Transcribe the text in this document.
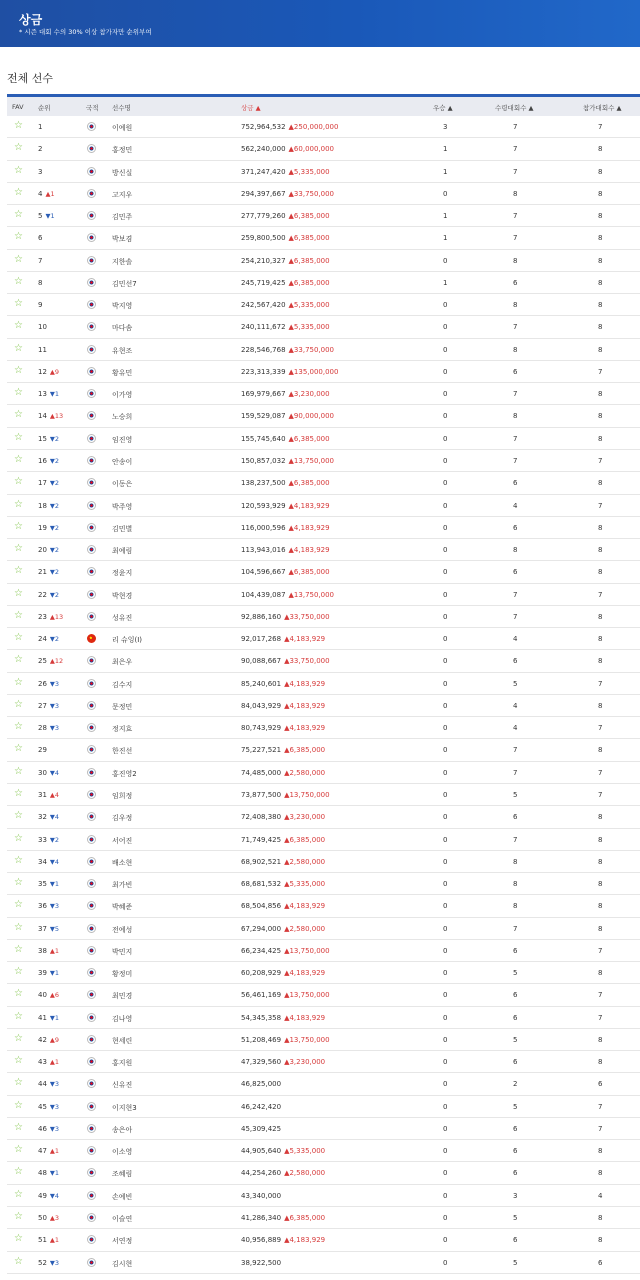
상금
* 시즌 대회 수의 30% 이상 참가자만 순위부여
전체 선수
FAV 순위	국적 선수명	상금 ▲	우승 ▲	수령대회수 ▲	참가대회수 ▲
☆ 1	이예원	752,964,532 ▲250,000,000	3	7	7
☆ 2	홍정민	562,240,000 ▲60,000,000	1	7	8
☆ 3	방신실	371,247,420 ▲5,335,000	1	7	8
☆ 4 ▲1	고지우	294,397,667 ▲33,750,000	0	8	8
☆ 5 ▼1	김민주	277,779,260 ▲6,385,000	1	7	8
☆ 6	박보겸	259,800,500 ▲6,385,000	1	7	8
☆ 7	지한솔	254,210,327 ▲6,385,000	0	8	8
☆ 8	김민선7	245,719,425 ▲6,385,000	1	6	8
☆ 9	박지영	242,567,420 ▲5,335,000	0	8	8
☆ 10	마다솜	240,111,672 ▲5,335,000	0	7	8
☆ 11	유현조	228,546,768 ▲33,750,000	0	8	8
☆ 12 ▲9	황유민	223,313,339 ▲135,000,000	0	6	7
☆ 13 ▼1	이가영	169,979,667 ▲3,230,000	0	7	8
☆ 14 ▲13	노승희	159,529,087 ▲90,000,000	0	8	8
☆ 15 ▼2	임진영	155,745,640 ▲6,385,000	0	7	8
☆ 16 ▼2	안송이	150,857,032 ▲13,750,000	0	7	7
☆ 17 ▼2	이동은	138,237,500 ▲6,385,000	0	6	8
☆ 18 ▼2	박주영	120,593,929 ▲4,183,929	0	4	7
☆ 19 ▼2	김민별	116,000,596 ▲4,183,929	0	6	8
☆ 20 ▼2	최예림	113,943,016 ▲4,183,929	0	8	8
☆ 21 ▼2	정윤지	104,596,667 ▲6,385,000	0	6	8
☆ 22 ▼2	박현경	104,439,087 ▲13,750,000	0	7	7
☆ 23 ▲13	성유진	92,886,160 ▲33,750,000	0	7	8
☆ 24 ▼2	리 슈잉(I)	92,017,268 ▲4,183,929	0	4	8
☆ 25 ▲12	최은우	90,088,667 ▲33,750,000	0	6	8
☆ 26 ▼3	김수지	85,240,601 ▲4,183,929	0	5	7
☆ 27 ▼3	문정민	84,043,929 ▲4,183,929	0	4	8
☆ 28 ▼3	정지효	80,743,929 ▲4,183,929	0	4	7
☆ 29	한진선	75,227,521 ▲6,385,000	0	7	8
☆ 30 ▼4	홍진영2	74,485,000 ▲2,580,000	0	7	7
☆ 31 ▲4	임희정	73,877,500 ▲13,750,000	0	5	7
☆ 32 ▼4	김우정	72,408,380 ▲3,230,000	0	6	8
☆ 33 ▼2	서어진	71,749,425 ▲6,385,000	0	7	8
☆ 34 ▼4	배소현	68,902,521 ▲2,580,000	0	8	8
☆ 35 ▼1	최가빈	68,681,532 ▲5,335,000	0	8	8
☆ 36 ▼3	박혜준	68,504,856 ▲4,183,929	0	8	8
☆ 37 ▼5	전예성	67,294,000 ▲2,580,000	0	7	8
☆ 38 ▲1	박민지	66,234,425 ▲13,750,000	0	6	7
☆ 39 ▼1	황정미	60,208,929 ▲4,183,929	0	5	8
☆ 40 ▲6	최민경	56,461,169 ▲13,750,000	0	6	7
☆ 41 ▼1	김나영	54,345,358 ▲4,183,929	0	6	7
☆ 42 ▲9	현세린	51,208,469 ▲13,750,000	0	5	8
☆ 43 ▲1	홍지원	47,329,560 ▲3,230,000	0	6	8
☆ 44 ▼3	신유진	46,825,000	0	2	6
☆ 45 ▼3	이지현3	46,242,420	0	5	7
☆ 46 ▼3	송은아	45,309,425	0	6	7
☆ 47 ▲1	이소영	44,905,640 ▲5,335,000	0	6	8
☆ 48 ▼1	조혜림	44,254,260 ▲2,580,000	0	6	8
☆ 49 ▼4	손예빈	43,340,000	0	3	4
☆ 50 ▲3	이슬연	41,286,340 ▲6,385,000	0	5	8
☆ 51 ▲1	서연정	40,956,889 ▲4,183,929	0	6	8
☆ 52 ▼3	김시현	38,922,500	0	5	6
